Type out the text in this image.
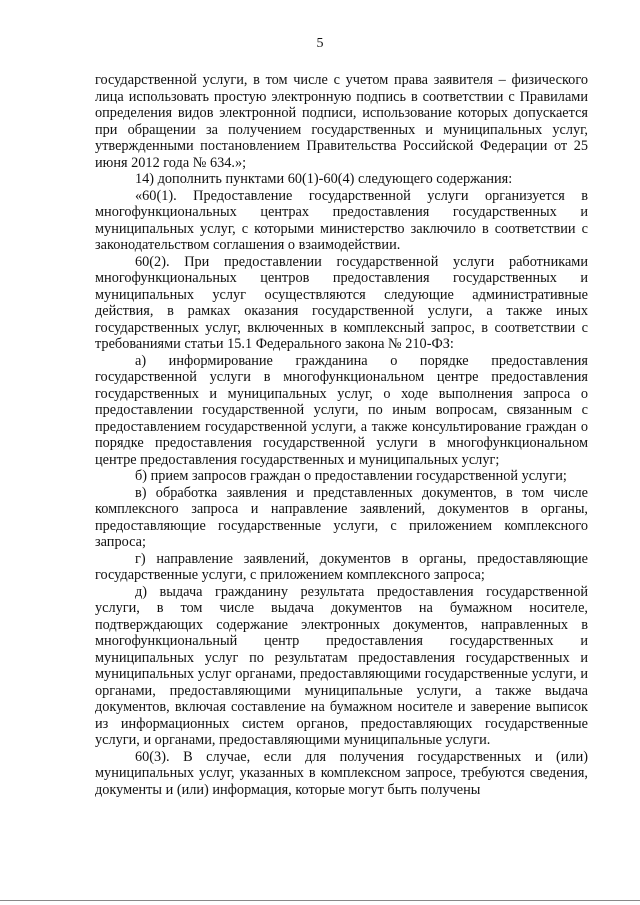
5

государственной услуги, в том числе с учетом права заявителя – физического лица использовать простую электронную подпись в соответствии с Правилами определения видов электронной подписи, использование которых допускается при обращении за получением государственных и муниципальных услуг, утвержденными постановлением Правительства Российской Федерации от 25 июня 2012 года № 634.»;

14) дополнить пунктами 60(1)-60(4) следующего содержания:

«60(1). Предоставление государственной услуги организуется в многофункциональных центрах предоставления государственных и муниципальных услуг, с которыми министерство заключило в соответствии с законодательством соглашения о взаимодействии.

60(2). При предоставлении государственной услуги работниками многофункциональных центров предоставления государственных и муниципальных услуг осуществляются следующие административные действия, в рамках оказания государственной услуги, а также иных государственных услуг, включенных в комплексный запрос, в соответствии с требованиями статьи 15.1 Федерального закона № 210-ФЗ:

а) информирование гражданина о порядке предоставления государственной услуги в многофункциональном центре предоставления государственных и муниципальных услуг, о ходе выполнения запроса о предоставлении государственной услуги, по иным вопросам, связанным с предоставлением государственной услуги, а также консультирование граждан о порядке предоставления государственной услуги в многофункциональном центре предоставления государственных и муниципальных услуг;

б) прием запросов граждан о предоставлении государственной услуги;

в) обработка заявления и представленных документов, в том числе комплексного запроса и направление заявлений, документов в органы, предоставляющие государственные услуги, с приложением комплексного запроса;

г) направление заявлений, документов в органы, предоставляющие государственные услуги, с приложением комплексного запроса;

д) выдача гражданину результата предоставления государственной услуги, в том числе выдача документов на бумажном носителе, подтверждающих содержание электронных документов, направленных в многофункциональный центр предоставления государственных и муниципальных услуг по результатам предоставления государственных и муниципальных услуг органами, предоставляющими государственные услуги, и органами, предоставляющими муниципальные услуги, а также выдача документов, включая составление на бумажном носителе и заверение выписок из информационных систем органов, предоставляющих государственные услуги, и органами, предоставляющими муниципальные услуги.

60(3). В случае, если для получения государственных и (или) муниципальных услуг, указанных в комплексном запросе, требуются сведения, документы и (или) информация, которые могут быть получены
